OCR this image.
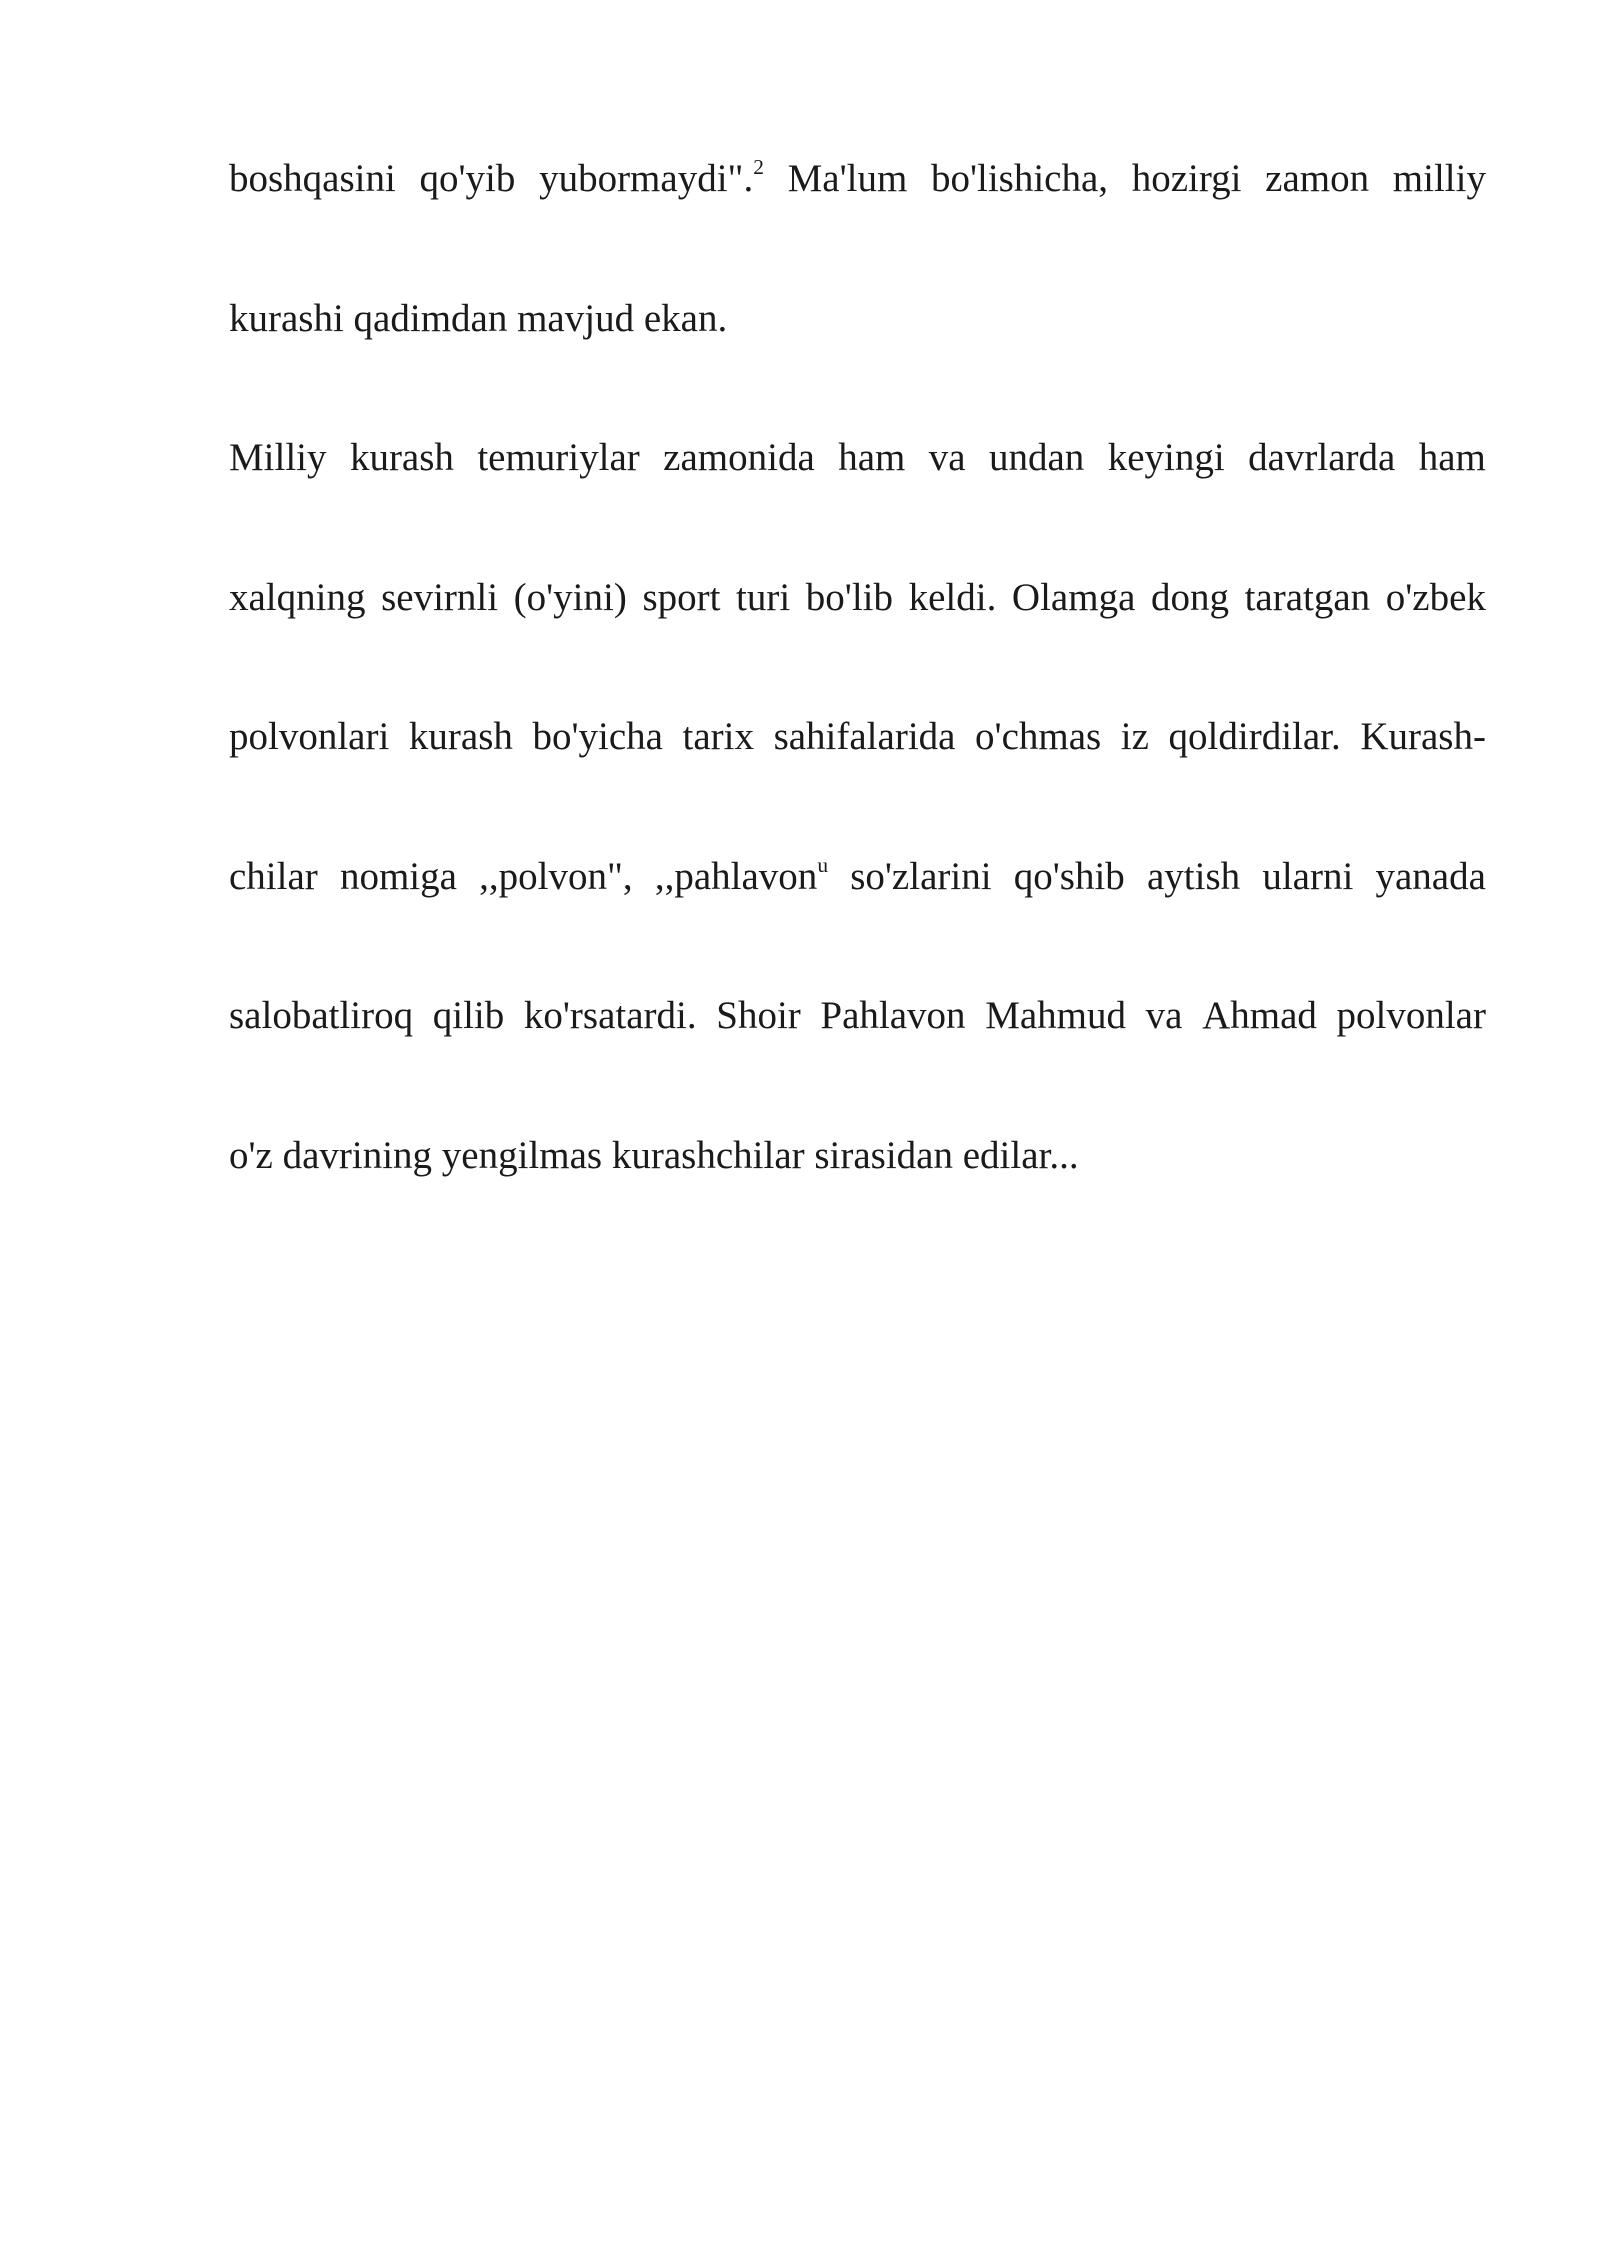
boshqasini qo'yib yubormaydi".$^2$ Ma'lum bo'lishicha, hozirgi zamon milliy
kurashi qadimdan mavjud ekan.
Milliy kurash temuriylar zamonida ham va undan keyingi davrlarda ham
xalqning sevirnli (o'yini) sport turi bo'lib keldi. Olamga dong taratgan o'zbek
polvonlari kurash bo'yicha tarix sahifalarida o'chmas iz qoldirdilar. Kurash-
chilar nomiga ,,polvon", ,,pahlavon$^u$ so'zlarini qo'shib aytish ularni yanada
salobatliroq qilib ko'rsatardi. Shoir Pahlavon Mahmud va Ahmad polvonlar
o'z davrining yengilmas kurashchilar sirasidan edilar...
